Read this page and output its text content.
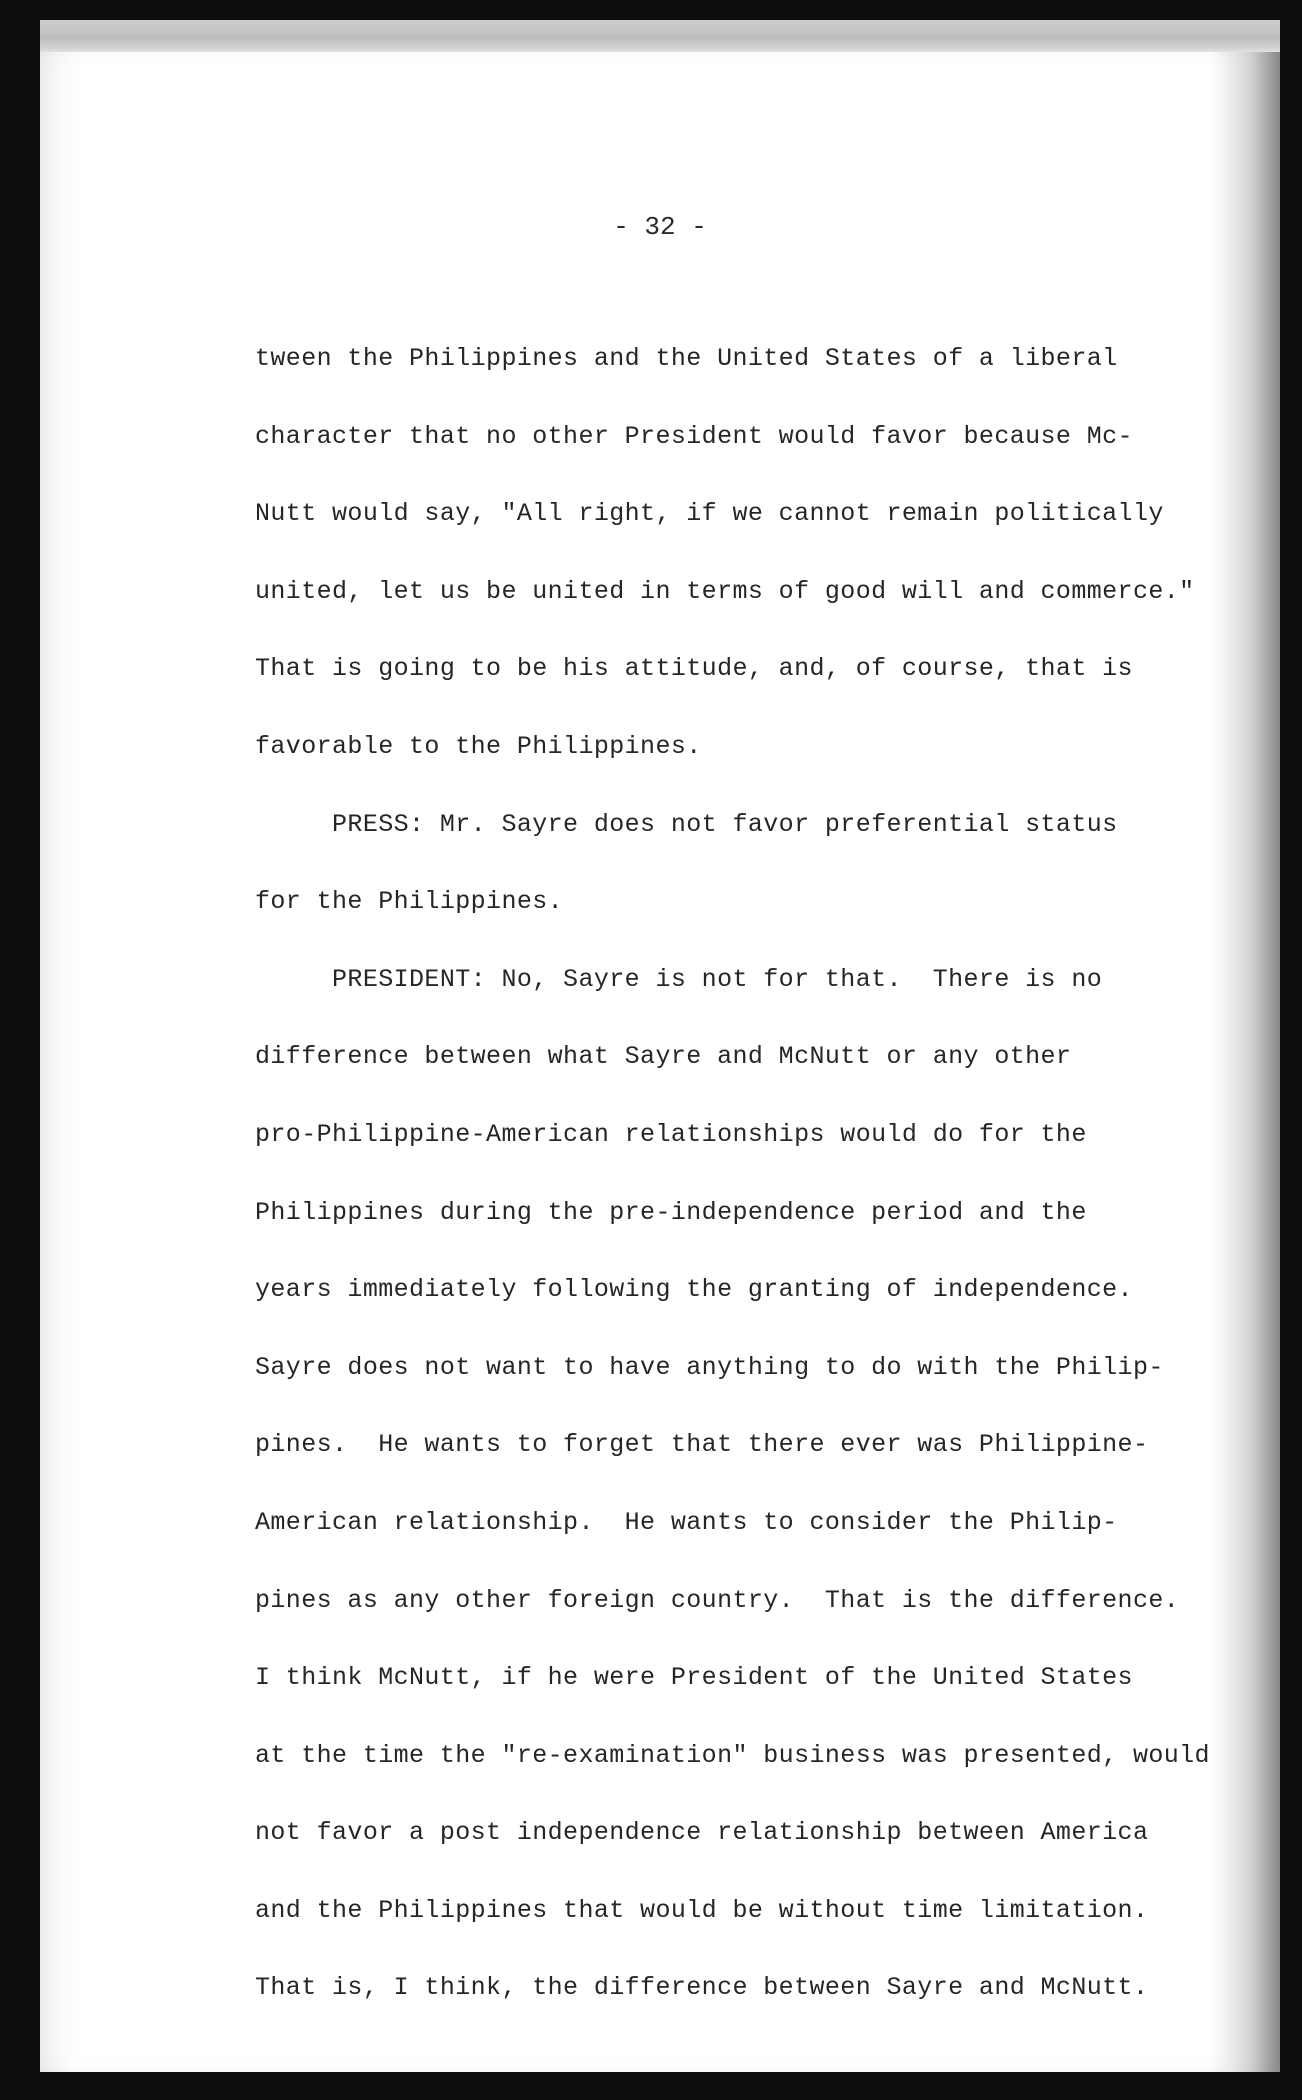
- 32 -
tween the Philippines and the United States of a liberal
character that no other President would favor because Mc-
Nutt would say, "All right, if we cannot remain politically
united, let us be united in terms of good will and commerce."
That is going to be his attitude, and, of course, that is
favorable to the Philippines.
PRESS: Mr. Sayre does not favor preferential status
for the Philippines.
PRESIDENT: No, Sayre is not for that.  There is no
difference between what Sayre and McNutt or any other
pro-Philippine-American relationships would do for the
Philippines during the pre-independence period and the
years immediately following the granting of independence.
Sayre does not want to have anything to do with the Philip-
pines.  He wants to forget that there ever was Philippine-
American relationship.  He wants to consider the Philip-
pines as any other foreign country.  That is the difference.
I think McNutt, if he were President of the United States
at the time the "re-examination" business was presented, would
not favor a post independence relationship between America
and the Philippines that would be without time limitation.
That is, I think, the difference between Sayre and McNutt.
